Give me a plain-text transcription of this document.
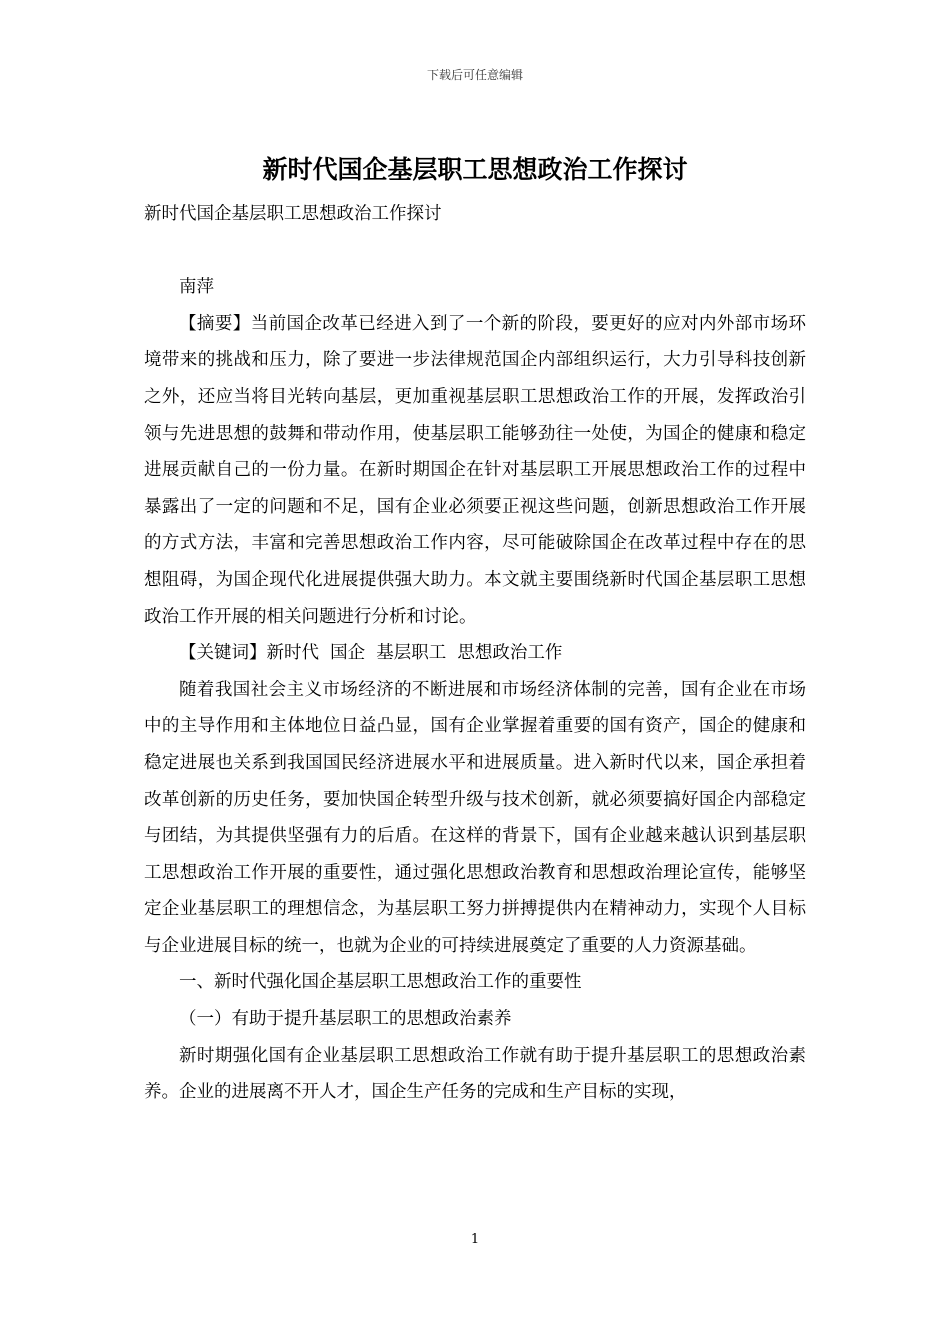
下载后可任意编辑
新时代国企基层职工思想政治工作探讨

新时代国企基层职工思想政治工作探讨

南萍

【摘要】当前国企改革已经进入到了一个新的阶段，要更好的应对内外部市场环境带来的挑战和压力，除了要进一步法律规范国企内部组织运行，大力引导科技创新之外，还应当将目光转向基层，更加重视基层职工思想政治工作的开展，发挥政治引领与先进思想的鼓舞和带动作用，使基层职工能够劲往一处使，为国企的健康和稳定进展贡献自己的一份力量。在新时期国企在针对基层职工开展思想政治工作的过程中暴露出了一定的问题和不足，国有企业必须要正视这些问题，创新思想政治工作开展的方式方法，丰富和完善思想政治工作内容，尽可能破除国企在改革过程中存在的思想阻碍，为国企现代化进展提供强大助力。本文就主要围绕新时代国企基层职工思想政治工作开展的相关问题进行分析和讨论。

【关键词】新时代  国企  基层职工  思想政治工作

随着我国社会主义市场经济的不断进展和市场经济体制的完善，国有企业在市场中的主导作用和主体地位日益凸显，国有企业掌握着重要的国有资产，国企的健康和稳定进展也关系到我国国民经济进展水平和进展质量。进入新时代以来，国企承担着改革创新的历史任务，要加快国企转型升级与技术创新，就必须要搞好国企内部稳定与团结，为其提供坚强有力的后盾。在这样的背景下，国有企业越来越认识到基层职工思想政治工作开展的重要性，通过强化思想政治教育和思想政治理论宣传，能够坚定企业基层职工的理想信念，为基层职工努力拼搏提供内在精神动力，实现个人目标与企业进展目标的统一，也就为企业的可持续进展奠定了重要的人力资源基础。

一、新时代强化国企基层职工思想政治工作的重要性

（一）有助于提升基层职工的思想政治素养

新时期强化国有企业基层职工思想政治工作就有助于提升基层职工的思想政治素养。企业的进展离不开人才，国企生产任务的完成和生产目标的实现，

1
